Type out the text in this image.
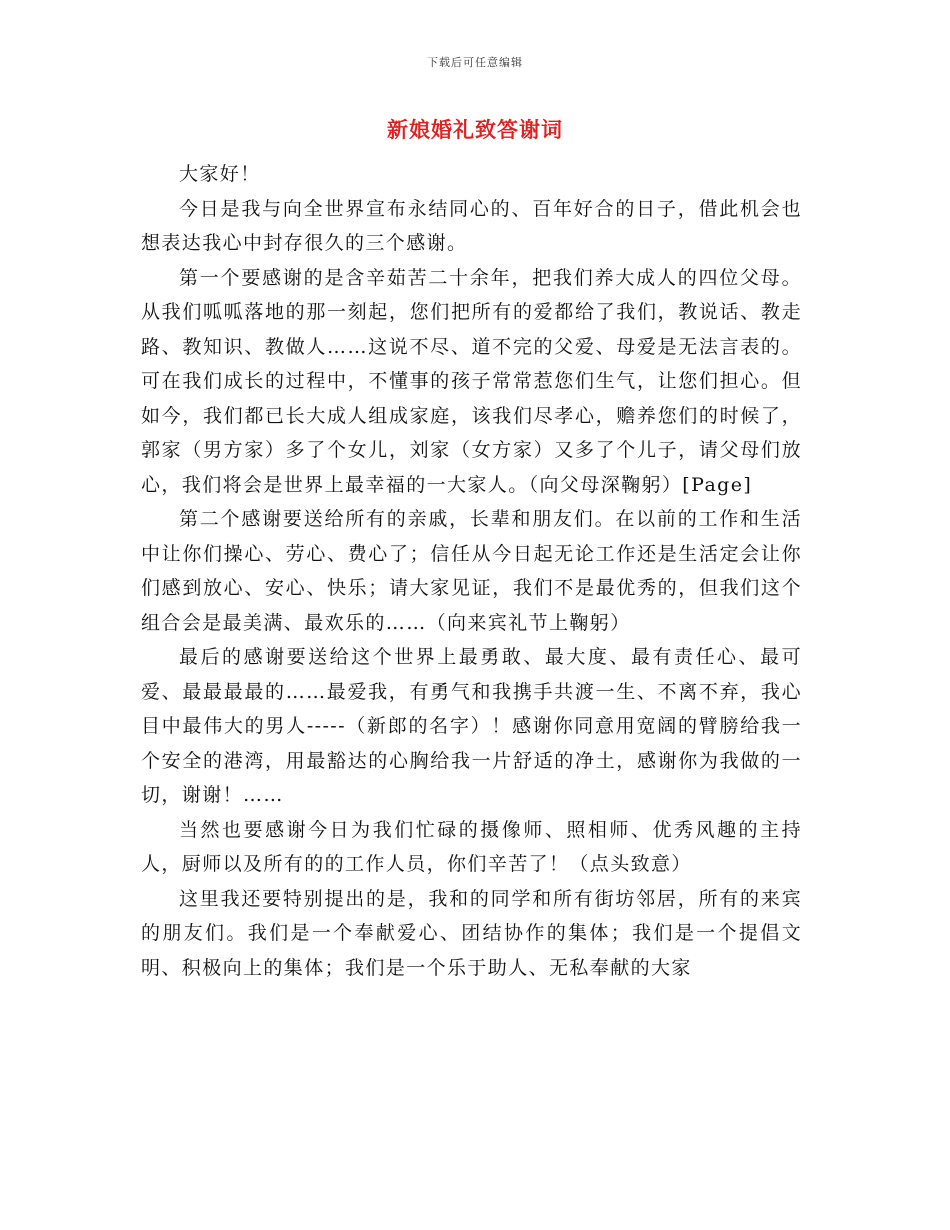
下载后可任意编辑
新娘婚礼致答谢词

大家好！

今日是我与向全世界宣布永结同心的、百年好合的日子，借此机会也想表达我心中封存很久的三个感谢。

第一个要感谢的是含辛茹苦二十余年，把我们养大成人的四位父母。从我们呱呱落地的那一刻起，您们把所有的爱都给了我们，教说话、教走路、教知识、教做人……这说不尽、道不完的父爱、母爱是无法言表的。可在我们成长的过程中，不懂事的孩子常常惹您们生气，让您们担心。但如今，我们都已长大成人组成家庭，该我们尽孝心，赡养您们的时候了，郭家（男方家）多了个女儿，刘家（女方家）又多了个儿子，请父母们放心，我们将会是世界上最幸福的一大家人。（向父母深鞠躬）[Page]

第二个感谢要送给所有的亲戚，长辈和朋友们。在以前的工作和生活中让你们操心、劳心、费心了；信任从今日起无论工作还是生活定会让你们感到放心、安心、快乐；请大家见证，我们不是最优秀的，但我们这个组合会是最美满、最欢乐的……（向来宾礼节上鞠躬）

最后的感谢要送给这个世界上最勇敢、最大度、最有责任心、最可爱、最最最最的……最爱我，有勇气和我携手共渡一生、不离不弃，我心目中最伟大的男人-----（新郎的名字）！感谢你同意用宽阔的臂膀给我一个安全的港湾，用最豁达的心胸给我一片舒适的净土，感谢你为我做的一切，谢谢！……

当然也要感谢今日为我们忙碌的摄像师、照相师、优秀风趣的主持人，厨师以及所有的的工作人员，你们辛苦了！（点头致意）

这里我还要特别提出的是，我和的同学和所有街坊邻居，所有的来宾的朋友们。我们是一个奉献爱心、团结协作的集体；我们是一个提倡文明、积极向上的集体；我们是一个乐于助人、无私奉献的大家
